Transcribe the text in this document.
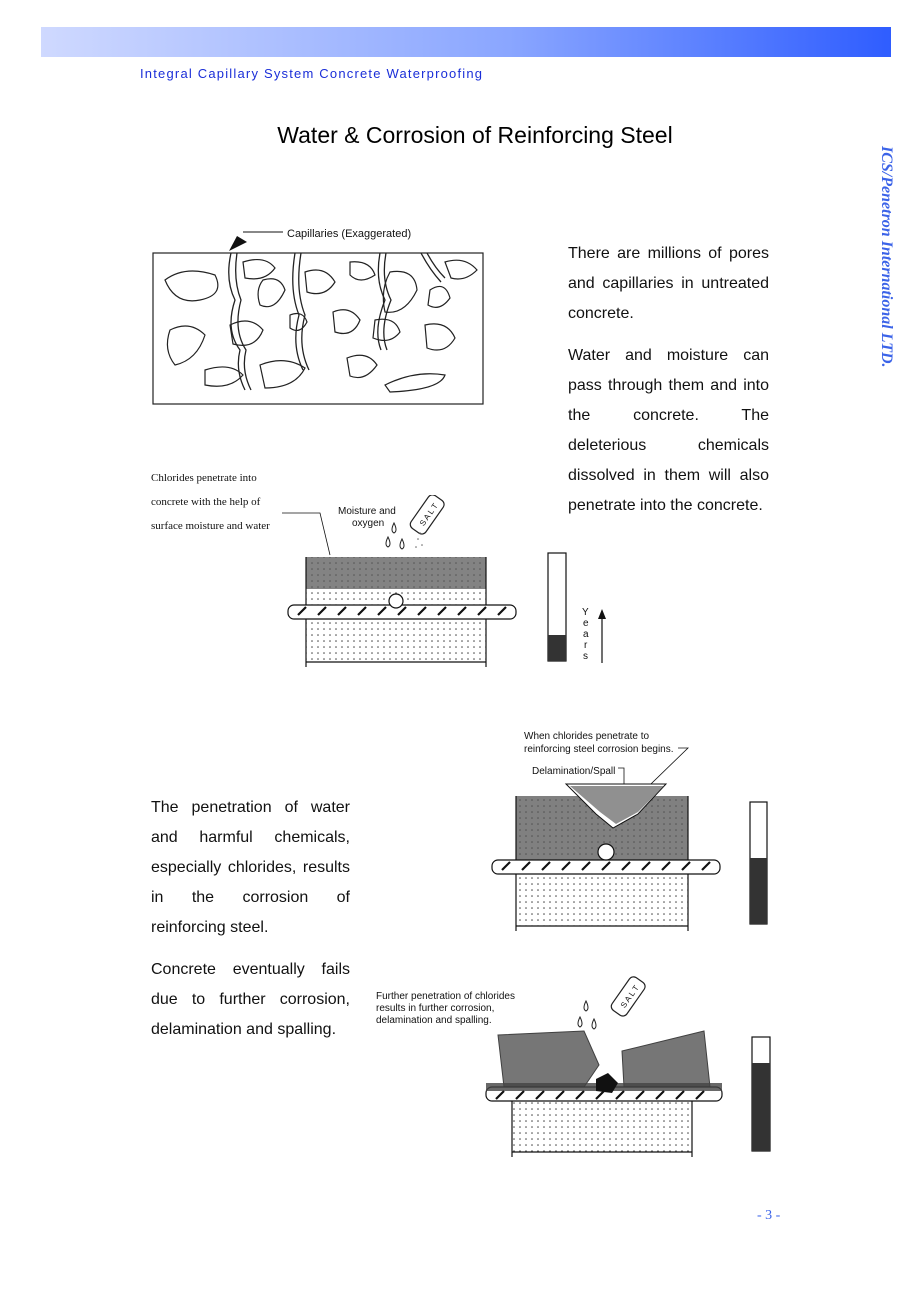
Integral Capillary System Concrete Waterproofing
ICS/Penetron International LTD.
Water & Corrosion of Reinforcing Steel
There are millions of pores and capillaries in untreated concrete.
Water and moisture can pass through them and into the concrete. The deleterious chemicals dissolved in them will also penetrate into the concrete.
The penetration of water and harmful chemicals, especially chlorides, results in the corrosion of reinforcing steel.
Concrete eventually fails due to further corrosion, delamination and spalling.
Chlorides penetrate into
concrete with the help of
surface moisture and water
Capillaries (Exaggerated)
Moisture and
oxygen	S A L T
Y
e
a
r
s
When chlorides penetrate to
reinforcing steel corrosion begins.
Delamination/Spall
Further penetration of chlorides
results in further corrosion,
delamination and spalling.
S A L T
- 3 -
